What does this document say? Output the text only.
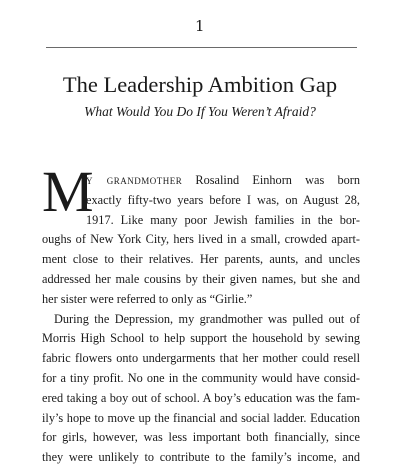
1
The Leadership Ambition Gap

What Would You Do If You Weren’t Afraid?

M
y grandmother Rosalind Einhorn was born
exactly fifty-two years before I was, on August 28,
1917. Like many poor Jewish families in the bor-
oughs of New York City, hers lived in a small, crowded apart-
ment close to their relatives. Her parents, aunts, and uncles
addressed her male cousins by their given names, but she and
her sister were referred to only as “Girlie.”
During the Depression, my grandmother was pulled out of
Morris High School to help support the household by sewing
fabric flowers onto undergarments that her mother could resell
for a tiny profit. No one in the community would have consid-
ered taking a boy out of school. A boy’s education was the fam-
ily’s hope to move up the financial and social ladder. Education
for girls, however, was less important both financially, since
they were unlikely to contribute to the family’s income, and
